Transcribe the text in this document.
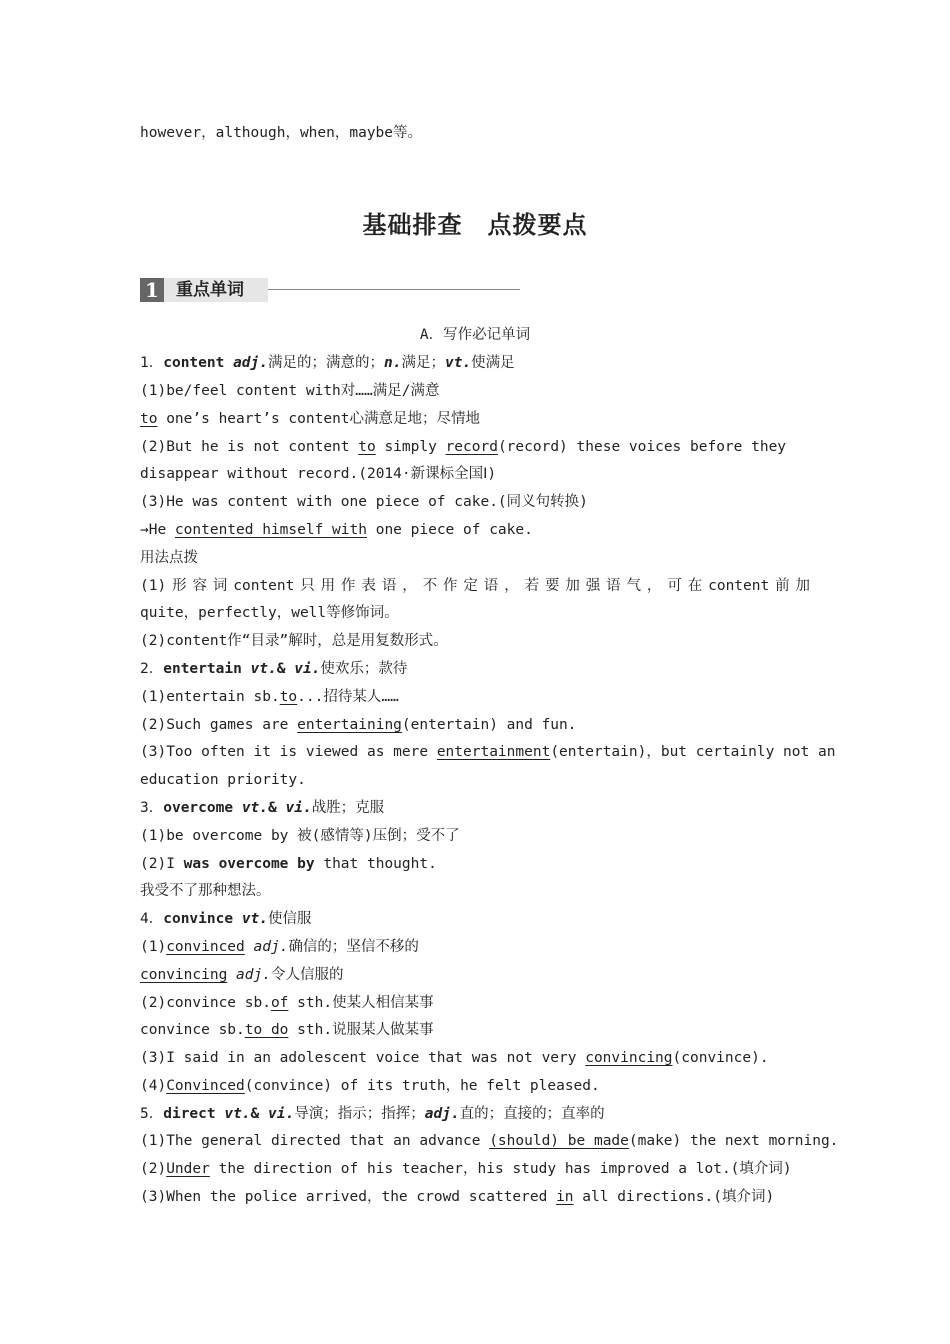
however，although，when，maybe等。
基础排查　点拨要点
1	重点单词
A．写作必记单词
1．content adj.满足的；满意的；n.满足；vt.使满足
(1)be/feel content with对……满足/满意
to one’s heart’s content心满意足地；尽情地
(2)But he is not content to simply record(record) these voices before they
disappear without record.(2014·新课标全国Ⅰ)
(3)He was content with one piece of cake.(同义句转换)
→He contented himself with one piece of cake.
用法点拨
(1)形容词content只用作表语，不作定语，若要加强语气，可在content前加
quite，perfectly，well等修饰词。
(2)content作“目录”解时，总是用复数形式。
2．entertain vt.& vi.使欢乐；款待
(1)entertain sb.to...招待某人……
(2)Such games are entertaining(entertain) and fun.
(3)Too often it is viewed as mere entertainment(entertain)，but certainly not an
education priority.
3．overcome vt.& vi.战胜；克服
(1)be overcome by 被(感情等)压倒；受不了
(2)I was overcome by that thought.
我受不了那种想法。
4．convince vt.使信服
(1)convinced adj.确信的；坚信不移的
convincing adj.令人信服的
(2)convince sb.of sth.使某人相信某事
convince sb.to do sth.说服某人做某事
(3)I said in an adolescent voice that was not very convincing(convince).
(4)Convinced(convince) of its truth，he felt pleased.
5．direct vt.& vi.导演；指示；指挥；adj.直的；直接的；直率的
(1)The general directed that an advance (should) be made(make) the next morning.
(2)Under the direction of his teacher，his study has improved a lot.(填介词)
(3)When the police arrived，the crowd scattered in all directions.(填介词)
